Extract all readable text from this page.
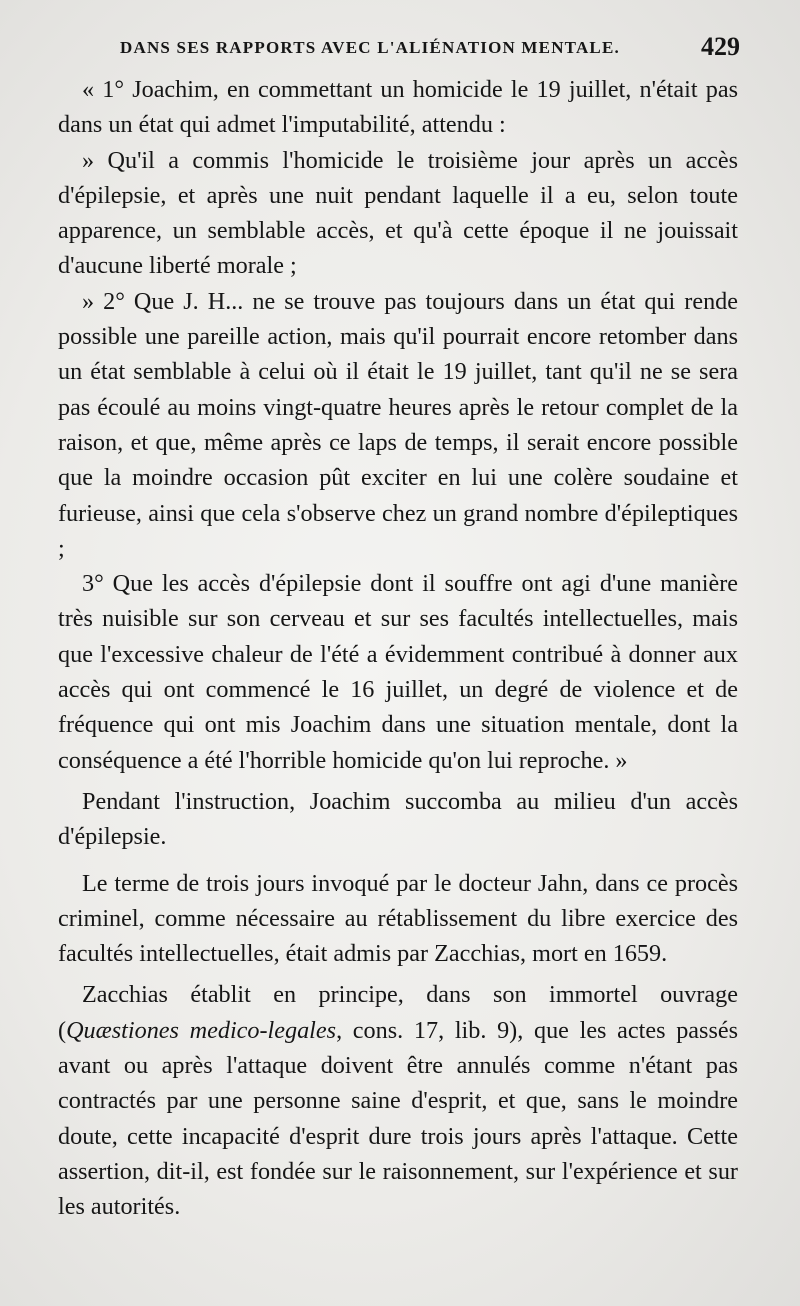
DANS SES RAPPORTS AVEC L'ALIÉNATION MENTALE.	429

« 1° Joachim, en commettant un homicide le 19 juillet, n'était pas dans un état qui admet l'imputabilité, attendu :

» Qu'il a commis l'homicide le troisième jour après un accès d'épilepsie, et après une nuit pendant laquelle il a eu, selon toute apparence, un semblable accès, et qu'à cette époque il ne jouissait d'aucune liberté morale ;

» 2° Que J. H... ne se trouve pas toujours dans un état qui rende possible une pareille action, mais qu'il pourrait encore retomber dans un état semblable à celui où il était le 19 juillet, tant qu'il ne se sera pas écoulé au moins vingt-quatre heures après le retour complet de la raison, et que, même après ce laps de temps, il serait encore possible que la moindre occasion pût exciter en lui une colère soudaine et furieuse, ainsi que cela s'observe chez un grand nombre d'épileptiques ;

3° Que les accès d'épilepsie dont il souffre ont agi d'une manière très nuisible sur son cerveau et sur ses facultés intellectuelles, mais que l'excessive chaleur de l'été a évidemment contribué à donner aux accès qui ont commencé le 16 juillet, un degré de violence et de fréquence qui ont mis Joachim dans une situation mentale, dont la conséquence a été l'horrible homicide qu'on lui reproche. »

Pendant l'instruction, Joachim succomba au milieu d'un accès d'épilepsie.

Le terme de trois jours invoqué par le docteur Jahn, dans ce procès criminel, comme nécessaire au rétablissement du libre exercice des facultés intellectuelles, était admis par Zacchias, mort en 1659.

Zacchias établit en principe, dans son immortel ouvrage (Quæstiones medico-legales, cons. 17, lib. 9), que les actes passés avant ou après l'attaque doivent être annulés comme n'étant pas contractés par une personne saine d'esprit, et que, sans le moindre doute, cette incapacité d'esprit dure trois jours après l'attaque. Cette assertion, dit-il, est fondée sur le raisonnement, sur l'expérience et sur les autorités.
